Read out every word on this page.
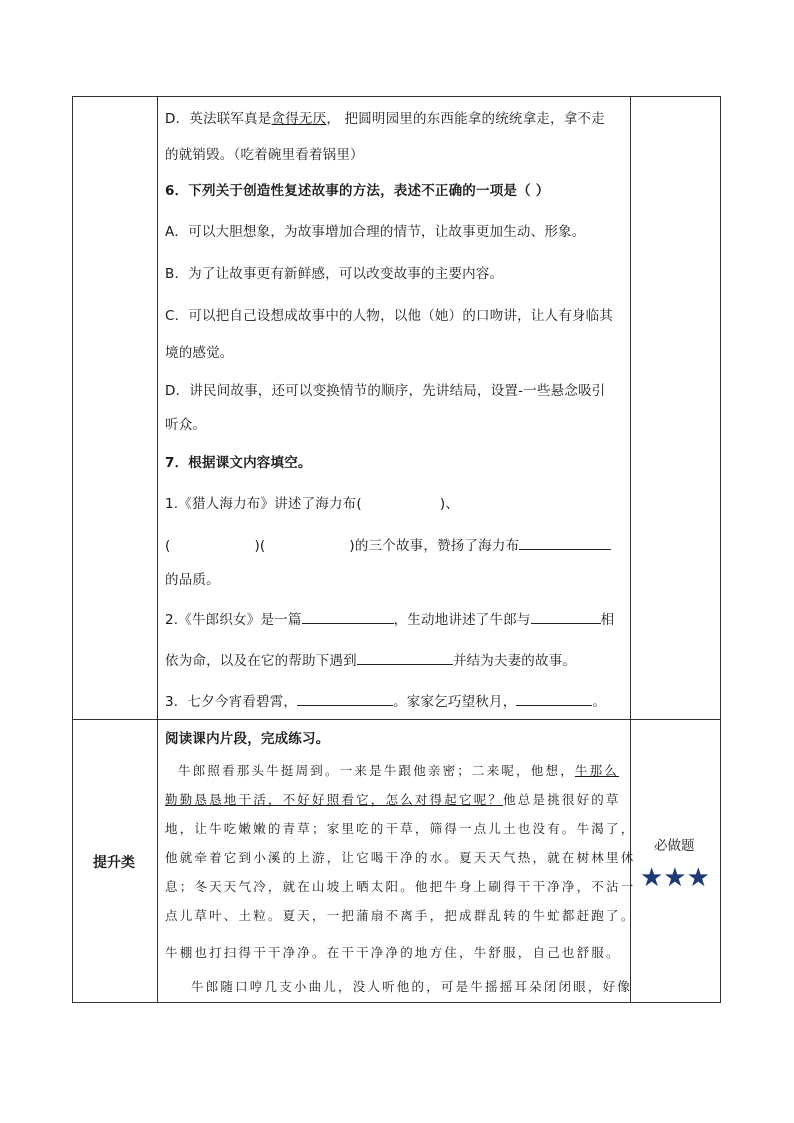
D．英法联军真是贪得无厌， 把圆明园里的东西能拿的统统拿走，拿不走
的就销毁。（吃着碗里看着锅里）
6．下列关于创造性复述故事的方法，表述不正确的一项是（ ）
A．可以大胆想象，为故事增加合理的情节，让故事更加生动、形象。
B．为了让故事更有新鲜感，可以改变故事的主要内容。
C．可以把自己设想成故事中的人物，以他（她）的口吻讲，让人有身临其
境的感觉。
D．讲民间故事，还可以变换情节的顺序，先讲结局，设置-一些悬念吸引
听众。
7．根据课文内容填空。
1.《猎人海力布》讲述了海力布(	)、
(	)(	)的三个故事，赞扬了海力布
的品质。
2.《牛郎织女》是一篇	，生动地讲述了牛郎与	相
依为命，以及在它的帮助下遇到	并结为夫妻的故事。
3．七夕今宵看碧霄，	。家家乞巧望秋月，	。
提升类
阅读课内片段，完成练习。
牛郎照看那头牛挺周到。一来是牛跟他亲密；二来呢，他想，牛那么
勤勤恳恳地干活，不好好照看它，怎么对得起它呢？他总是挑很好的草
地，让牛吃嫩嫩的青草；家里吃的干草，筛得一点儿土也没有。牛渴了，
他就牵着它到小溪的上游，让它喝干净的水。夏天天气热，就在树林里休
息；冬天天气冷，就在山坡上晒太阳。他把牛身上刷得干干净净，不沾一
点儿草叶、土粒。夏天，一把蒲扇不离手，把成群乱转的牛虻都赶跑了。
牛棚也打扫得干干净净。在干干净净的地方住，牛舒服，自己也舒服。
牛郎随口哼几支小曲儿，没人听他的，可是牛摇摇耳朵闭闭眼，好像
必做题
★★★
